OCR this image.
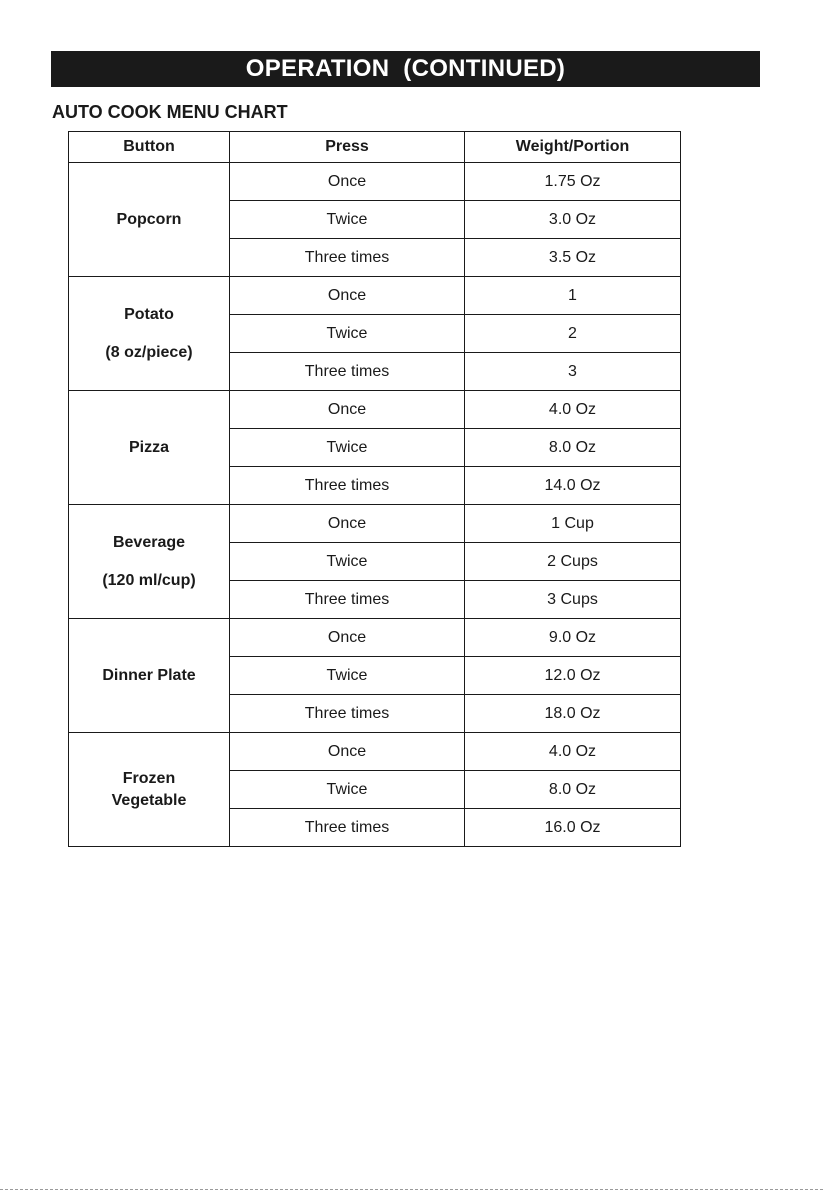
OPERATION  (CONTINUED)
AUTO COOK MENU CHART
Button	Press	Weight/Portion

Popcorn	Once	1.75 Oz
	Twice	3.0 Oz
	Three times	3.5 Oz

Potato
(8 oz/piece)	Once	1
	Twice	2
	Three times	3

Pizza	Once	4.0 Oz
	Twice	8.0 Oz
	Three times	14.0 Oz

Beverage
(120 ml/cup)	Once	1 Cup
	Twice	2 Cups
	Three times	3 Cups

Dinner Plate	Once	9.0 Oz
	Twice	12.0 Oz
	Three times	18.0 Oz

Frozen
Vegetable	Once	4.0 Oz
	Twice	8.0 Oz
	Three times	16.0 Oz
